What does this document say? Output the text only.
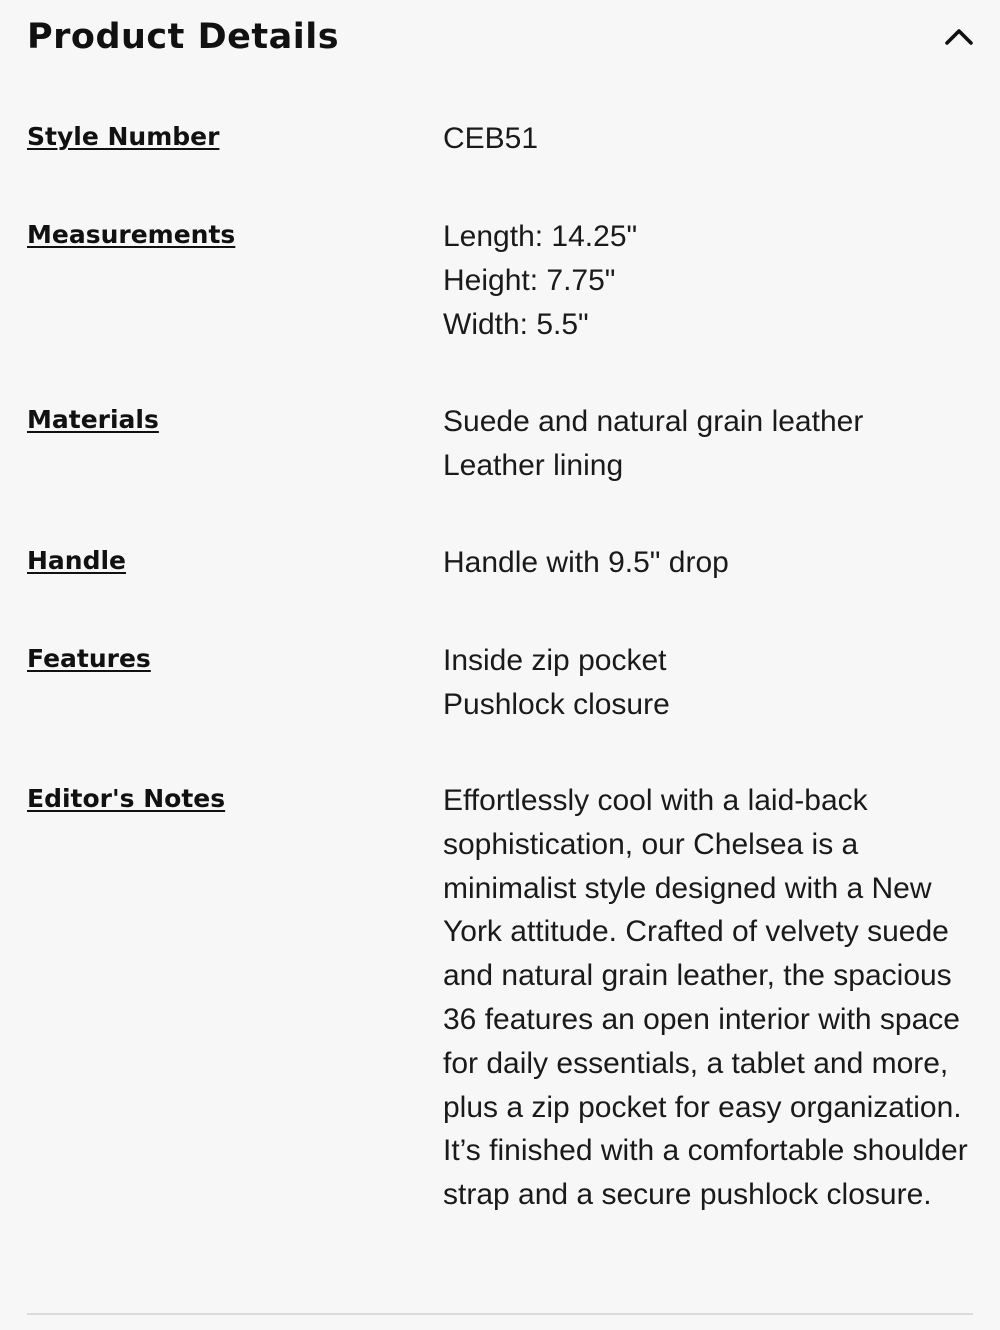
Product Details
Style Number	CEB51
Measurements	Length: 14.25"
Height: 7.75"
Width: 5.5"
Materials	Suede and natural grain leather
Leather lining
Handle	Handle with 9.5" drop
Features	Inside zip pocket
Pushlock closure
Editor's Notes	Effortlessly cool with a laid-back sophistication, our Chelsea is a minimalist style designed with a New York attitude. Crafted of velvety suede and natural grain leather, the spacious 36 features an open interior with space for daily essentials, a tablet and more, plus a zip pocket for easy organization. It’s finished with a comfortable shoulder strap and a secure pushlock closure.
